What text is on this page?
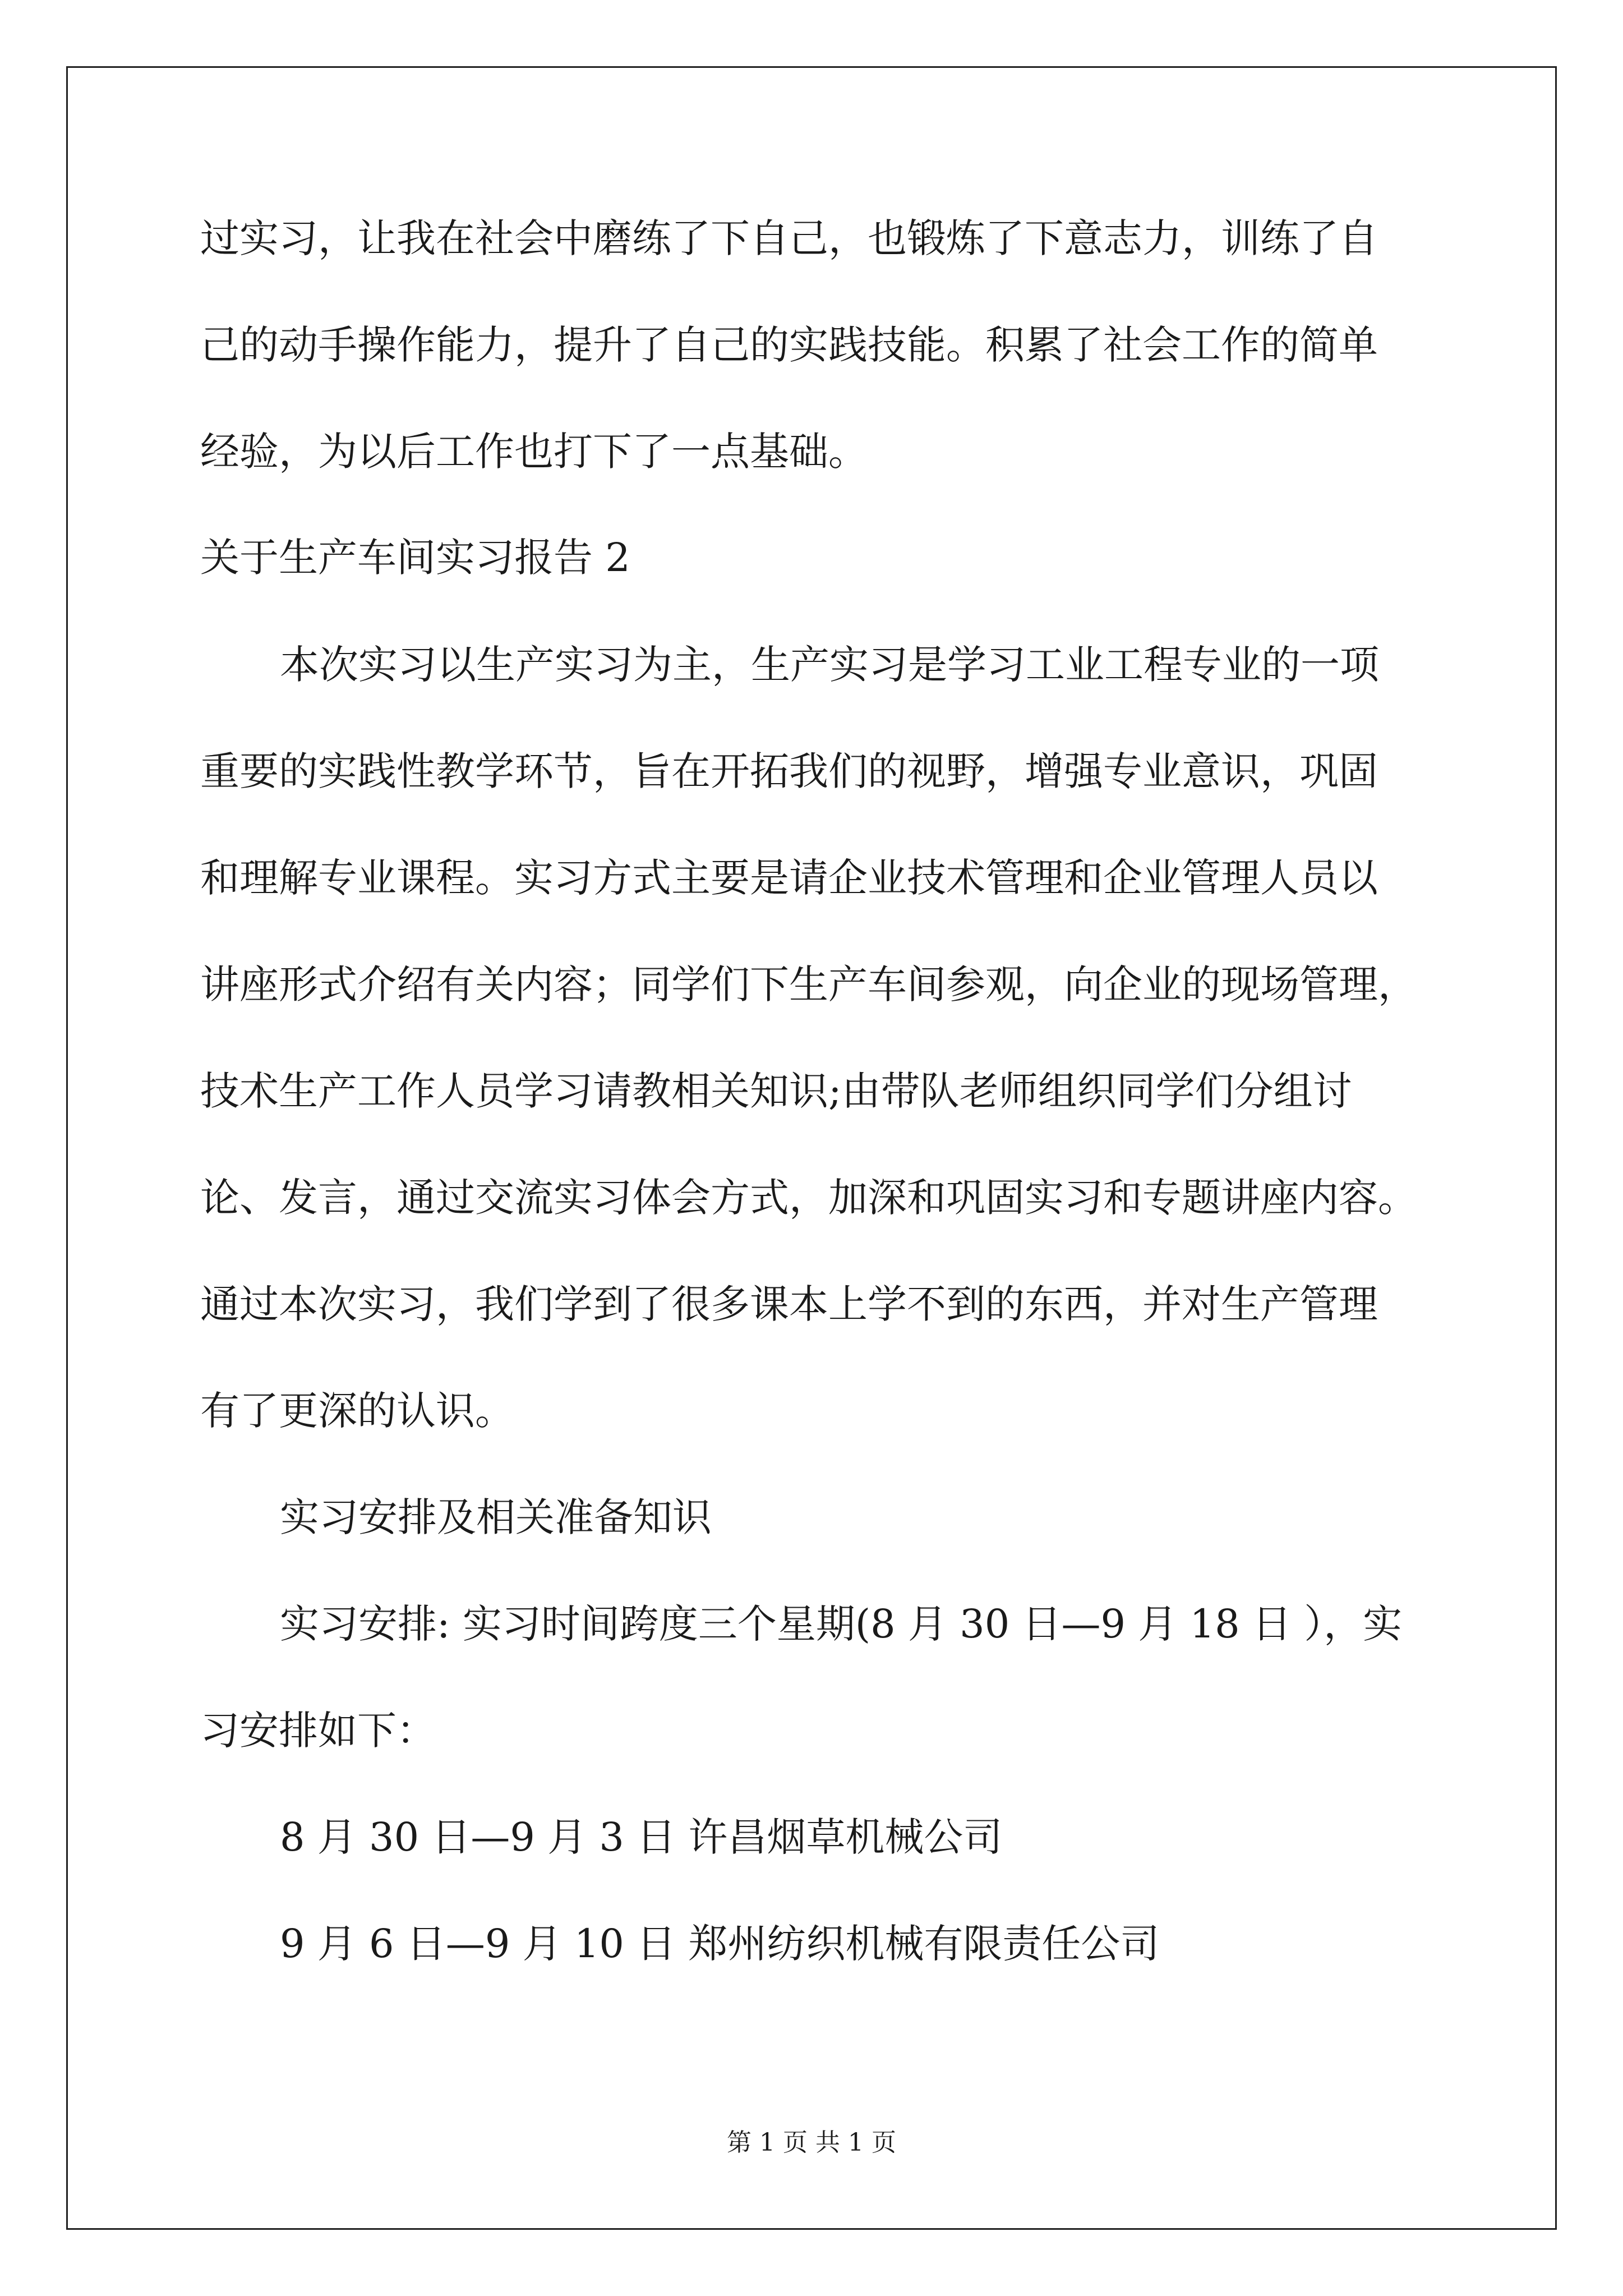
过实习，让我在社会中磨练了下自己，也锻炼了下意志力，训练了自

己的动手操作能力，提升了自己的实践技能。积累了社会工作的简单

经验，为以后工作也打下了一点基础。

关于生产车间实习报告 2

本次实习以生产实习为主，生产实习是学习工业工程专业的一项

重要的实践性教学环节，旨在开拓我们的视野，增强专业意识，巩固

和理解专业课程。实习方式主要是请企业技术管理和企业管理人员以

讲座形式介绍有关内容；同学们下生产车间参观，向企业的现场管理，

技术生产工作人员学习请教相关知识;由带队老师组织同学们分组讨

论、发言，通过交流实习体会方式，加深和巩固实习和专题讲座内容。

通过本次实习，我们学到了很多课本上学不到的东西，并对生产管理

有了更深的认识。

实习安排及相关准备知识

实习安排: 实习时间跨度三个星期(8 月 30 日—9 月 18 日 ），实

习安排如下：

8 月 30 日—9 月 3 日 许昌烟草机械公司

9 月 6 日—9 月 10 日 郑州纺织机械有限责任公司

第 1 页 共 1 页
